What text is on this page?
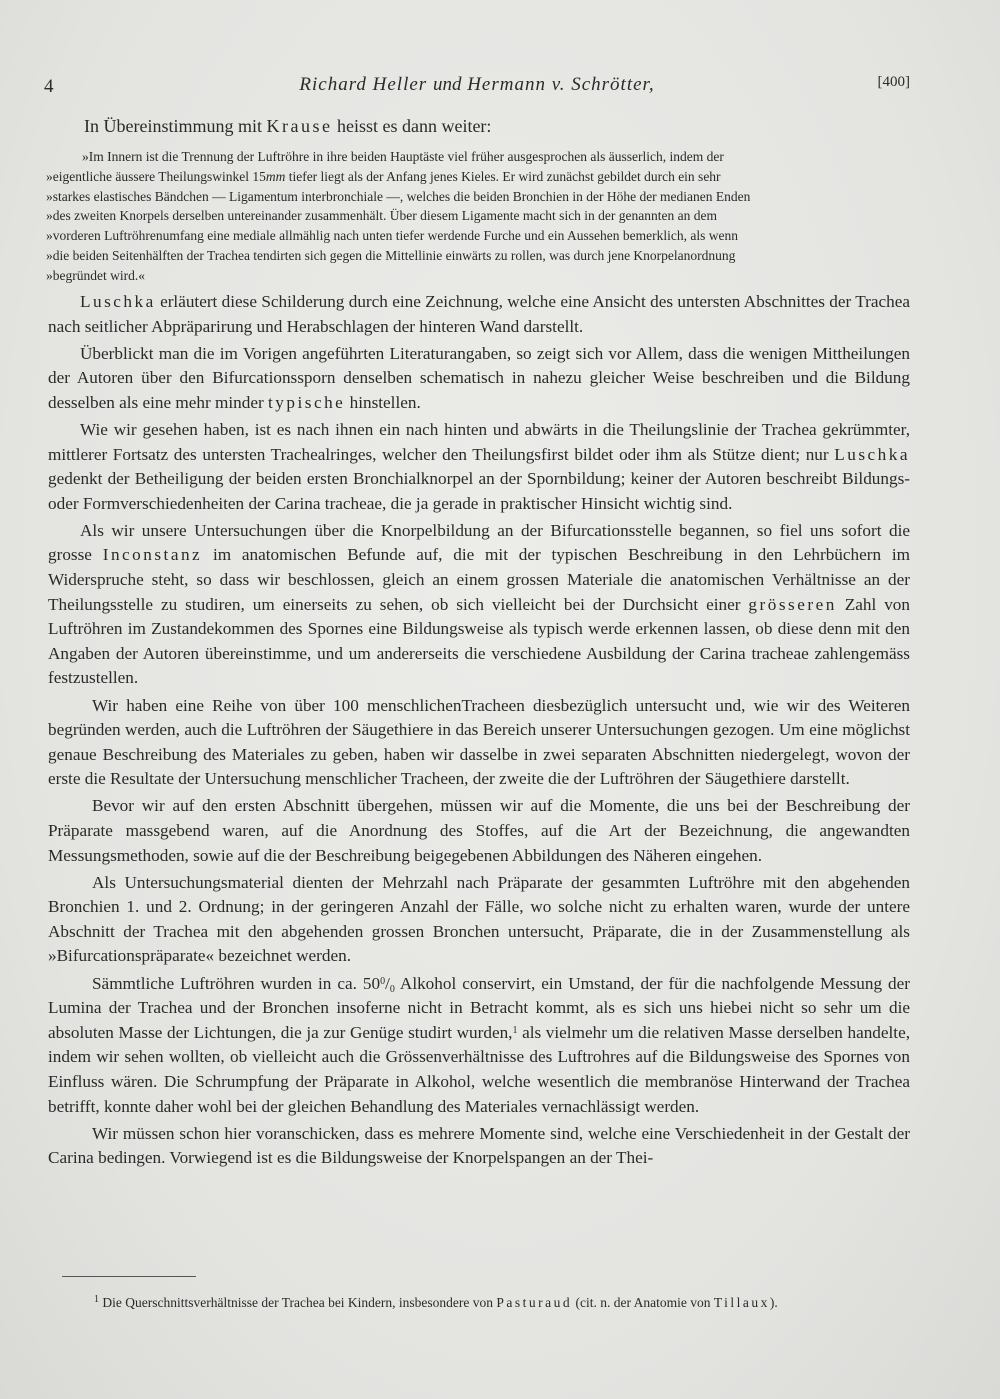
4	Richard Heller und Hermann v. Schrötter,	[400]
In Übereinstimmung mit Krause heisst es dann weiter:

»Im Innern ist die Trennung der Luftröhre in ihre beiden Hauptäste viel früher ausgesprochen als äusserlich, indem der

»eigentliche äussere Theilungswinkel 15mm tiefer liegt als der Anfang jenes Kieles. Er wird zunächst gebildet durch ein sehr

»starkes elastisches Bändchen — Ligamentum interbronchiale —, welches die beiden Bronchien in der Höhe der medianen Enden

»des zweiten Knorpels derselben untereinander zusammenhält. Über diesem Ligamente macht sich in der genannten an dem

»vorderen Luftröhrenumfang eine mediale allmählig nach unten tiefer werdende Furche und ein Aussehen bemerklich, als wenn

»die beiden Seitenhälften der Trachea tendirten sich gegen die Mittellinie einwärts zu rollen, was durch jene Knorpelanordnung

»begründet wird.«

Luschka erläutert diese Schilderung durch eine Zeichnung, welche eine Ansicht des untersten Abschnittes der Trachea nach seitlicher Abpräparirung und Herabschlagen der hinteren Wand darstellt.

Überblickt man die im Vorigen angeführten Literaturangaben, so zeigt sich vor Allem, dass die wenigen Mittheilungen der Autoren über den Bifurcationssporn denselben schematisch in nahezu gleicher Weise beschreiben und die Bildung desselben als eine mehr minder typische hinstellen.

Wie wir gesehen haben, ist es nach ihnen ein nach hinten und abwärts in die Theilungslinie der Trachea gekrümmter, mittlerer Fortsatz des untersten Trachealringes, welcher den Theilungsfirst bildet oder ihm als Stütze dient; nur Luschka gedenkt der Betheiligung der beiden ersten Bronchialknorpel an der Spornbildung; keiner der Autoren beschreibt Bildungs- oder Formverschiedenheiten der Carina tracheae, die ja gerade in praktischer Hinsicht wichtig sind.

Als wir unsere Untersuchungen über die Knorpelbildung an der Bifurcationsstelle begannen, so fiel uns sofort die grosse Inconstanz im anatomischen Befunde auf, die mit der typischen Beschreibung in den Lehrbüchern im Widerspruche steht, so dass wir beschlossen, gleich an einem grossen Materiale die anatomischen Verhältnisse an der Theilungsstelle zu studiren, um einerseits zu sehen, ob sich vielleicht bei der Durchsicht einer grösseren Zahl von Luftröhren im Zustandekommen des Spornes eine Bildungsweise als typisch werde erkennen lassen, ob diese denn mit den Angaben der Autoren übereinstimme, und um andererseits die verschiedene Ausbildung der Carina tracheae zahlengemäss festzustellen.

Wir haben eine Reihe von über 100 menschlichenTracheen diesbezüglich untersucht und, wie wir des Weiteren begründen werden, auch die Luftröhren der Säugethiere in das Bereich unserer Untersuchungen gezogen. Um eine möglichst genaue Beschreibung des Materiales zu geben, haben wir dasselbe in zwei separaten Abschnitten niedergelegt, wovon der erste die Resultate der Untersuchung menschlicher Tracheen, der zweite die der Luftröhren der Säugethiere darstellt.

Bevor wir auf den ersten Abschnitt übergehen, müssen wir auf die Momente, die uns bei der Beschreibung der Präparate massgebend waren, auf die Anordnung des Stoffes, auf die Art der Bezeichnung, die angewandten Messungsmethoden, sowie auf die der Beschreibung beigegebenen Abbildungen des Näheren eingehen.

Als Untersuchungsmaterial dienten der Mehrzahl nach Präparate der gesammten Luftröhre mit den abgehenden Bronchien 1. und 2. Ordnung; in der geringeren Anzahl der Fälle, wo solche nicht zu erhalten waren, wurde der untere Abschnitt der Trachea mit den abgehenden grossen Bronchen untersucht, Präparate, die in der Zusammenstellung als »Bifurcationspräparate« bezeichnet werden.

Sämmtliche Luftröhren wurden in ca. $50^0/_0$ Alkohol conservirt, ein Umstand, der für die nachfolgende Messung der Lumina der Trachea und der Bronchen insoferne nicht in Betracht kommt, als es sich uns hiebei nicht so sehr um die absoluten Masse der Lichtungen, die ja zur Genüge studirt wurden,$^1$ als vielmehr um die relativen Masse derselben handelte, indem wir sehen wollten, ob vielleicht auch die Grössenverhältnisse des Luftrohres auf die Bildungsweise des Spornes von Einfluss wären. Die Schrumpfung der Präparate in Alkohol, welche wesentlich die membranöse Hinterwand der Trachea betrifft, konnte daher wohl bei der gleichen Behandlung des Materiales vernachlässigt werden.

Wir müssen schon hier voranschicken, dass es mehrere Momente sind, welche eine Verschiedenheit in der Gestalt der Carina bedingen. Vorwiegend ist es die Bildungsweise der Knorpelspangen an der Thei-

$^1$ Die Querschnittsverhältnisse der Trachea bei Kindern, insbesondere von Pasturaud (cit. n. der Anatomie von Tillaux).
